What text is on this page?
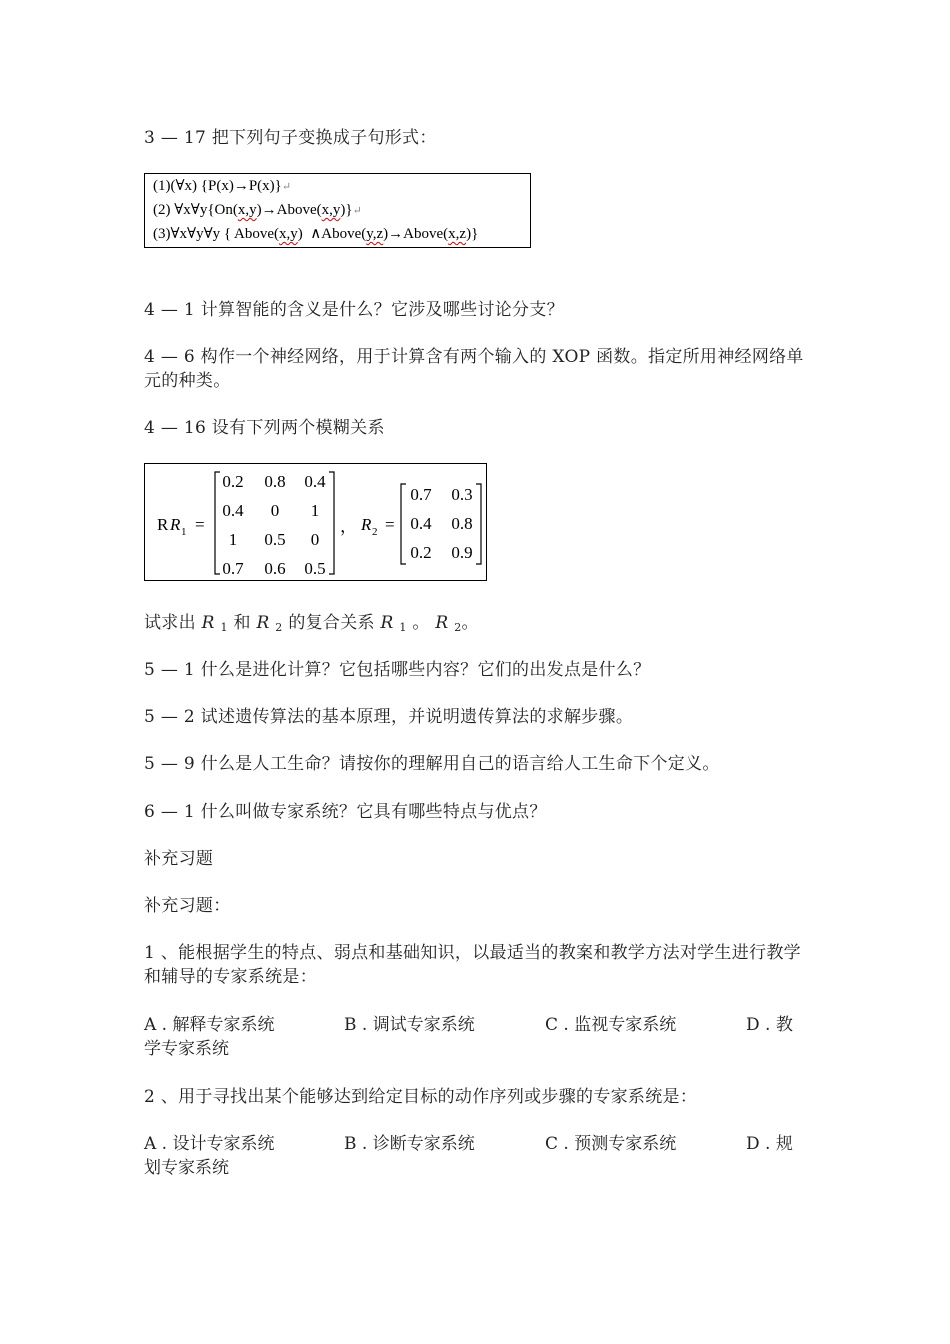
3 — 17 把下列句子变换成子句形式：
(1)(∀x) {P(x)→P(x)}↵
(2) ∀x∀y{On(x,y)→Above(x,y)}↵
(3)∀x∀y∀y { Above(x,y)  ∧Above(y,z)→Above(x,z)}
4 — 1 计算智能的含义是什么？它涉及哪些讨论分支？
4 — 6 构作一个神经网络，用于计算含有两个输入的 XOP 函数。指定所用神经网络单元的种类。
4 — 16 设有下列两个模糊关系
R R 1 =
0.2 0.8 0.4
0.4 0 1
1 0.5 0
0.7 0.6 0.5
， R 2 =
0.7 0.3
0.4 0.8
0.2 0.9
试求出 R $_1$ 和 R $_2$ 的复合关系 R $_1$ 。 R $_2$。
5 — 1 什么是进化计算？它包括哪些内容？它们的出发点是什么？
5 — 2 试述遗传算法的基本原理，并说明遗传算法的求解步骤。
5 — 9 什么是人工生命？请按你的理解用自己的语言给人工生命下个定义。
6 — 1 什么叫做专家系统？它具有哪些特点与优点？
补充习题
补充习题：
1 、能根据学生的特点、弱点和基础知识，以最适当的教案和教学方法对学生进行教学和辅导的专家系统是：
A . 解释专家系统	B . 调试专家系统	C . 监视专家系统	D . 教
学专家系统
2 、用于寻找出某个能够达到给定目标的动作序列或步骤的专家系统是：
A . 设计专家系统	B . 诊断专家系统	C . 预测专家系统	D . 规
划专家系统
